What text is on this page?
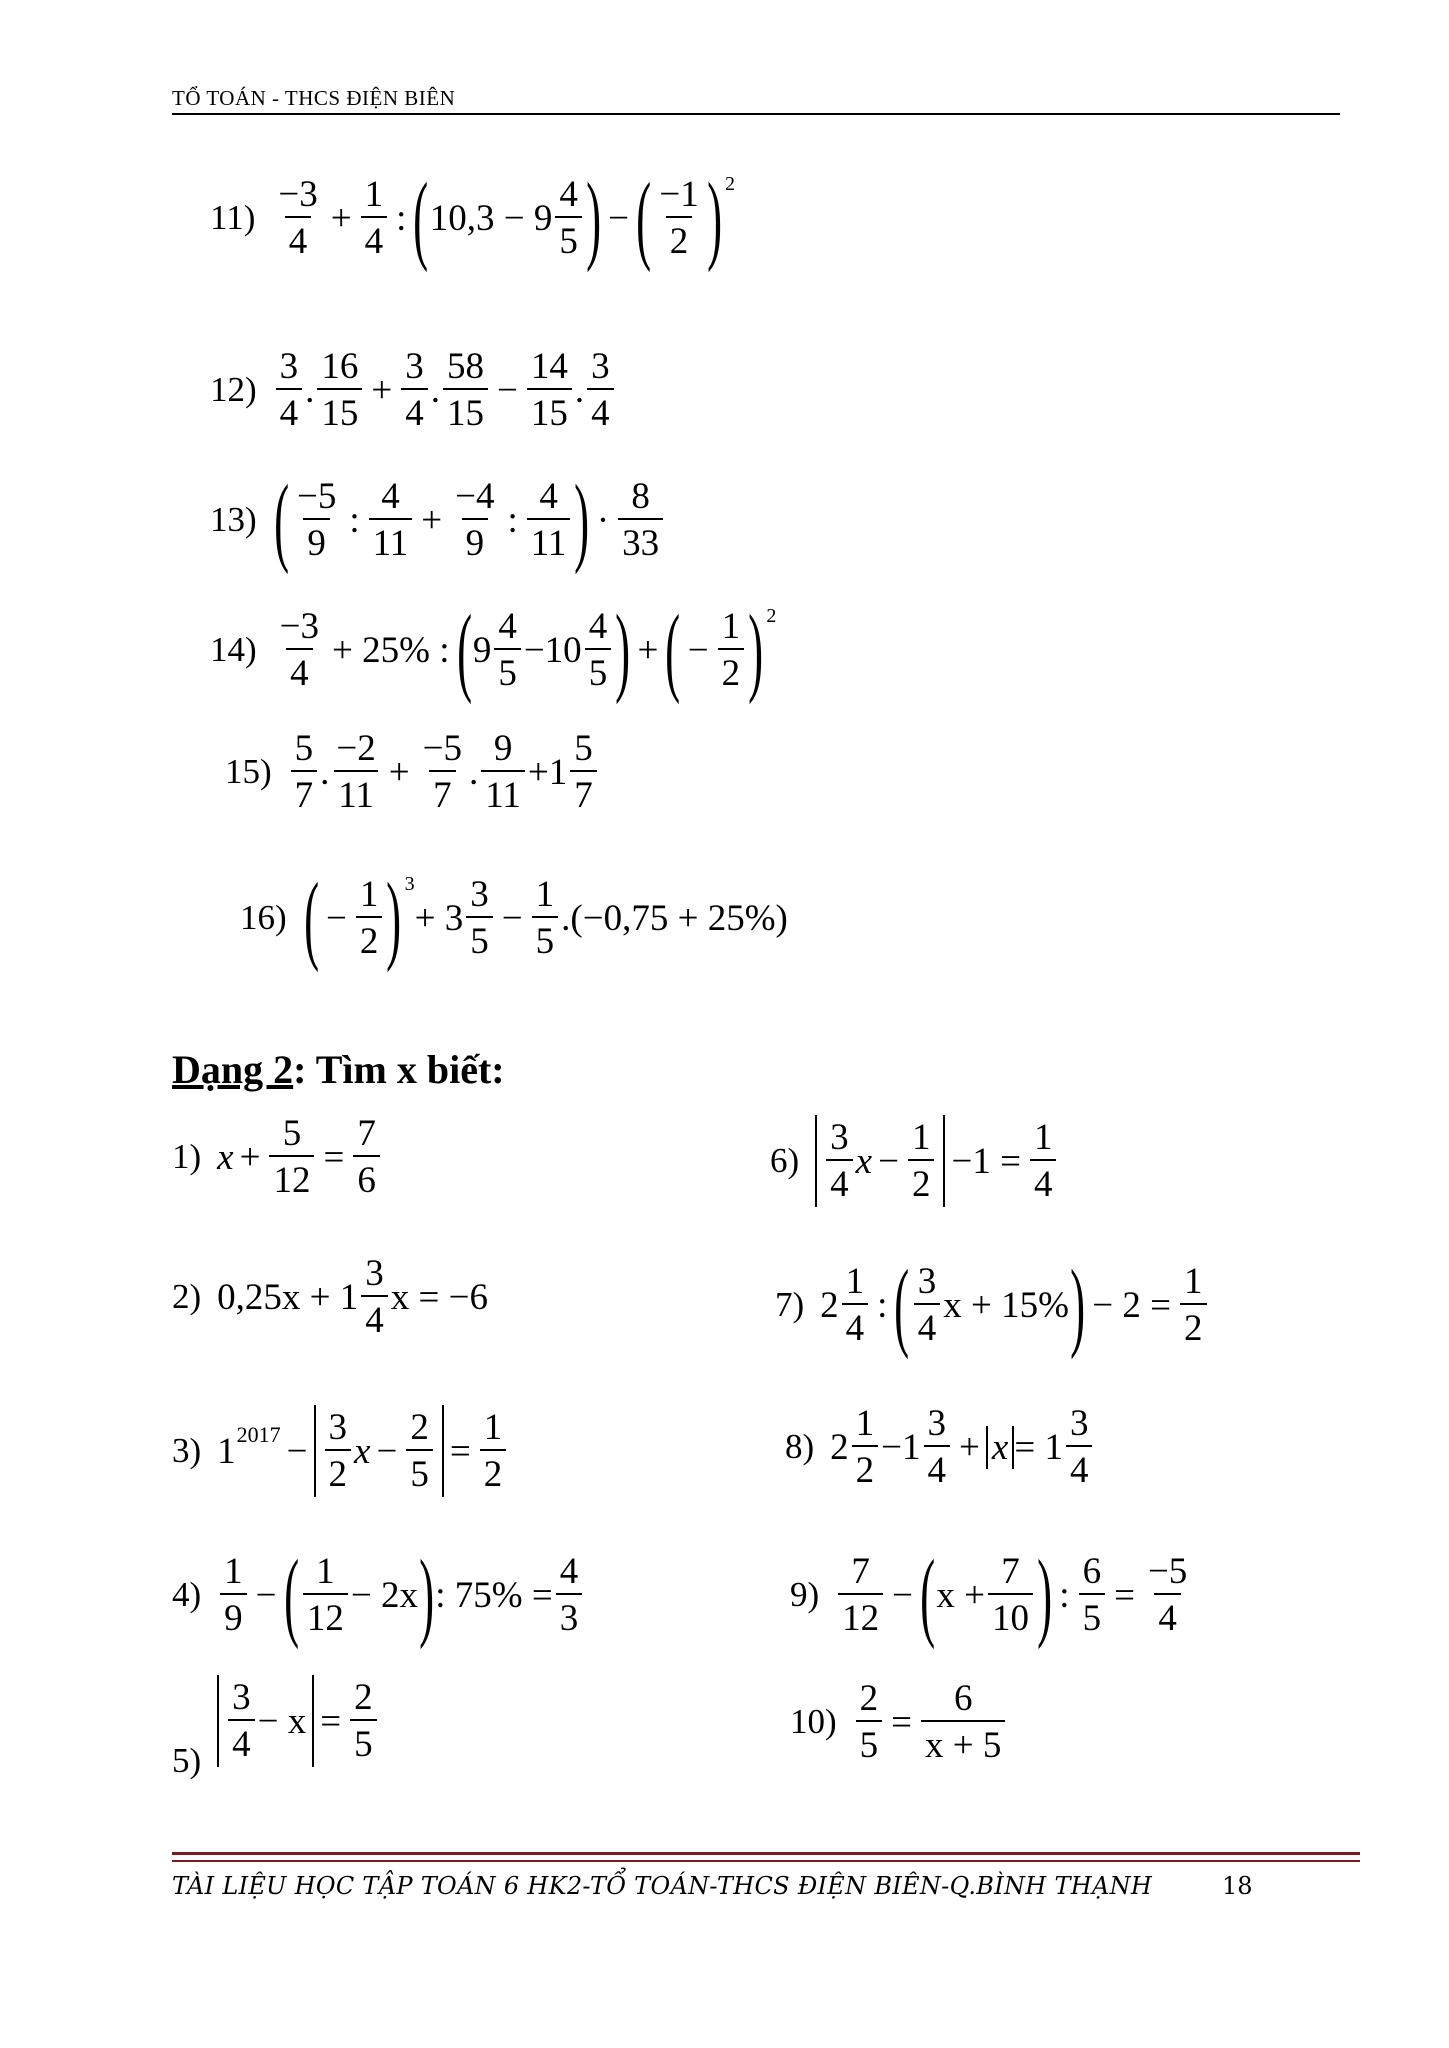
TỔ TOÁN - THCS ĐIỆN BIÊN
$11) \frac{-3}{4} + \frac{1}{4}$ : ( $10,3 - 9 \frac{4}{5}$ ) − ( $\frac{-1}{2}$ ) 2
$12) \frac{3}{4}$ . $\frac{16}{15} + \frac{3}{4}$ . $\frac{58}{15} - \frac{14}{15}$ . $\frac{3}{4}$
13) ( $\frac{-5}{9}$ : $\frac{4}{11} + \frac{-4}{9}$ : $\frac{4}{11}$ ) · $\frac{8}{33}$
$14) \frac{-3}{4} + 25\%$ : ( $9 \frac{4}{5} -10 \frac{4}{5}$ ) + ( − $\frac{1}{2}$ ) 2
$15) \frac{5}{7}$ . $\frac{-2}{11} + \frac{-5}{7}$ . $\frac{9}{11} +1 \frac{5}{7}$
16) ( − $\frac{1}{2}$ ) 3
+ $3 \frac{3}{5} - \frac{1}{5} .(-0,75 + 25\%)$
Dạng 2: Tìm x biết:
1) $x + \frac{5}{12} = \frac{7}{6}$
2) $0,25x + 1 \frac{3}{4}$ x = −6
3) 1 $2017 - \frac{3}{2}$ $x - \frac{2}{5} = \frac{1}{2}$
$4) \frac{1}{9}$ − ( $\frac{1}{12} - 2x$ ) : $75\% = \frac{4}{3}$
$5) \frac{3}{4} - x = \frac{2}{5}$
$6) \frac{3}{4}$ $x - \frac{1}{2} -1 = \frac{1}{4}$
7) $2 \frac{1}{4}$ : ( $\frac{3}{4}$ x + 15% ) − $2 = \frac{1}{2}$
8) $2 \frac{1}{2} -1 \frac{3}{4} + x = 1 \frac{3}{4}$
$9) \frac{7}{12}$ − ( $x + \frac{7}{10}$ ) : $\frac{6}{5} = \frac{-5}{4}$
$10) \frac{2}{5} = \frac{6}{x + 5}$
TÀI LIỆU HỌC TẬP TOÁN 6 HK2-TỔ TOÁN-THCS ĐIỆN BIÊN-Q.BÌNH THẠNH	18
